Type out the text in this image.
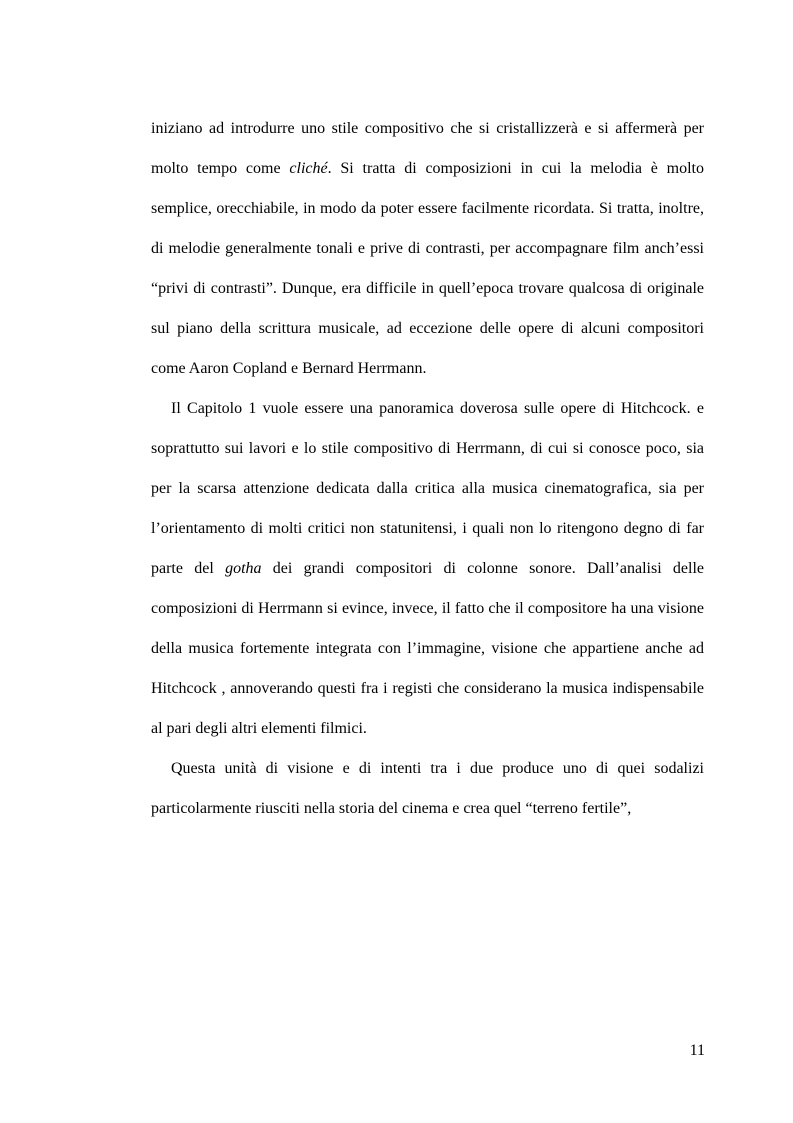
iniziano ad introdurre uno stile compositivo che si cristallizzerà e si affermerà per molto tempo come cliché. Si tratta di composizioni in cui la melodia è molto semplice, orecchiabile, in modo da poter essere facilmente ricordata. Si tratta, inoltre, di melodie generalmente tonali e prive di contrasti, per accompagnare film anch’essi “privi di contrasti”. Dunque, era difficile in quell’epoca trovare qualcosa di originale sul piano della scrittura musicale, ad eccezione delle opere di alcuni compositori come Aaron Copland e Bernard Herrmann.

Il Capitolo 1 vuole essere una panoramica doverosa sulle opere di Hitchcock. e soprattutto sui lavori e lo stile compositivo di Herrmann, di cui si conosce poco, sia per la scarsa attenzione dedicata dalla critica alla musica cinematografica, sia per l’orientamento di molti critici non statunitensi, i quali non lo ritengono degno di far parte del gotha dei grandi compositori di colonne sonore. Dall’analisi delle composizioni di Herrmann si evince, invece, il fatto che il compositore ha una visione della musica fortemente integrata con l’immagine, visione che appartiene anche ad Hitchcock , annoverando questi fra i registi che considerano la musica indispensabile al pari degli altri elementi filmici.

Questa unità di visione e di intenti tra i due produce uno di quei sodalizi particolarmente riusciti nella storia del cinema e crea quel “terreno fertile”,

11
